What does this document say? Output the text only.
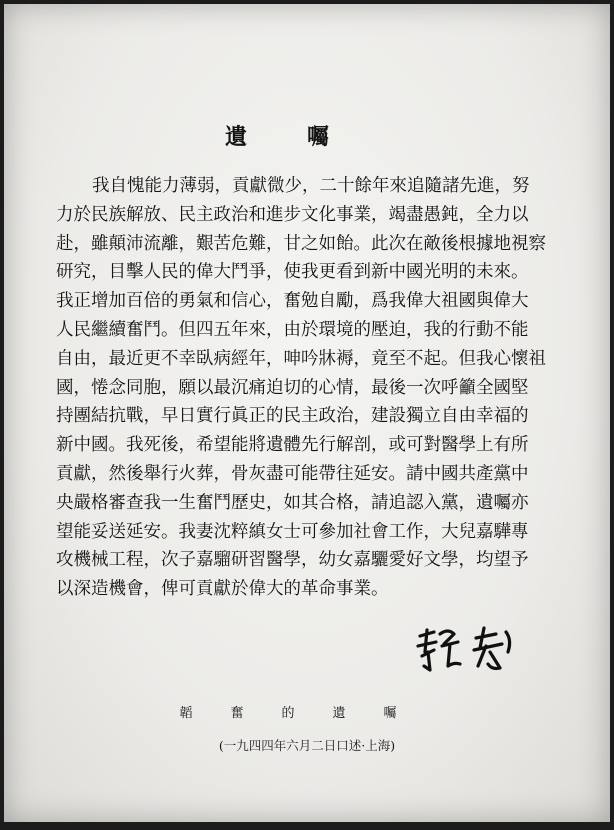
遺囑
我自愧能力薄弱，貢獻微少，二十餘年來追隨諸先進，努
力於民族解放、民主政治和進步文化事業，竭盡愚鈍，全力以
赴，雖顛沛流離，艱苦危難，甘之如飴。此次在敵後根據地視察
研究，目擊人民的偉大鬥爭，使我更看到新中國光明的未來。
我正增加百倍的勇氣和信心，奮勉自勵，爲我偉大祖國與偉大
人民繼續奮鬥。但四五年來，由於環境的壓迫，我的行動不能
自由，最近更不幸臥病經年，呻吟牀褥，竟至不起。但我心懷祖
國，惓念同胞，願以最沉痛迫切的心情，最後一次呼籲全國堅
持團結抗戰，早日實行眞正的民主政治，建設獨立自由幸福的
新中國。我死後，希望能將遺體先行解剖，或可對醫學上有所
貢獻，然後舉行火葬，骨灰盡可能帶往延安。請中國共產黨中
央嚴格審查我一生奮鬥歷史，如其合格，請追認入黨，遺囑亦
望能妥送延安。我妻沈粹縝女士可參加社會工作，大兒嘉驊專
攻機械工程，次子嘉騮研習醫學，幼女嘉驪愛好文學，均望予
以深造機會，俾可貢獻於偉大的革命事業。
韜奮的遺囑
(一九四四年六月二日口述·上海)
